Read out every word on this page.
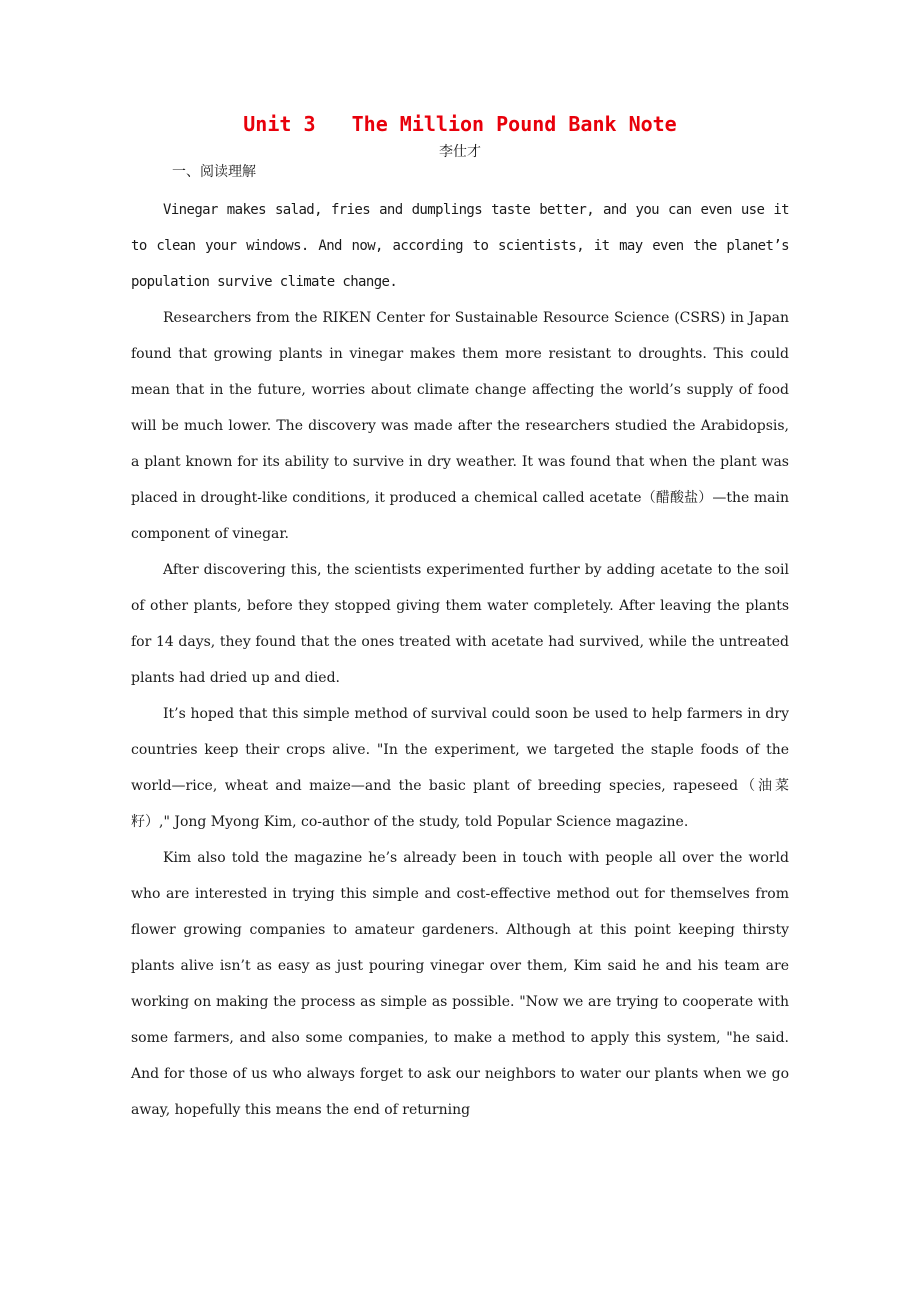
Unit 3   The Million Pound Bank Note
李仕才
一、阅读理解

Vinegar makes salad, fries and dumplings taste better, and you can even use it to clean your windows. And now, according to scientists, it may even the planet’s population survive climate change.

Researchers from the RIKEN Center for Sustainable Resource Science (CSRS) in Japan found that growing plants in vinegar makes them more resistant to droughts. This could mean that in the future, worries about climate change affecting the world’s supply of food will be much lower. The discovery was made after the researchers studied the Arabidopsis, a plant known for its ability to survive in dry weather. It was found that when the plant was placed in drought-like conditions, it produced a chemical called acetate（醋酸盐）—the main component of vinegar.

After discovering this, the scientists experimented further by adding acetate to the soil of other plants, before they stopped giving them water completely. After leaving the plants for 14 days, they found that the ones treated with acetate had survived, while the untreated plants had dried up and died.

It’s hoped that this simple method of survival could soon be used to help farmers in dry countries keep their crops alive. "In the experiment, we targeted the staple foods of the world—rice, wheat and maize—and the basic plant of breeding species, rapeseed（油菜籽）," Jong Myong Kim, co-author of the study, told Popular Science magazine.

Kim also told the magazine he’s already been in touch with people all over the world who are interested in trying this simple and cost-effective method out for themselves from flower growing companies to amateur gardeners. Although at this point keeping thirsty plants alive isn’t as easy as just pouring vinegar over them, Kim said he and his team are working on making the process as simple as possible. "Now we are trying to cooperate with some farmers, and also some companies, to make a method to apply this system, "he said. And for those of us who always forget to ask our neighbors to water our plants when we go away, hopefully this means the end of returning
